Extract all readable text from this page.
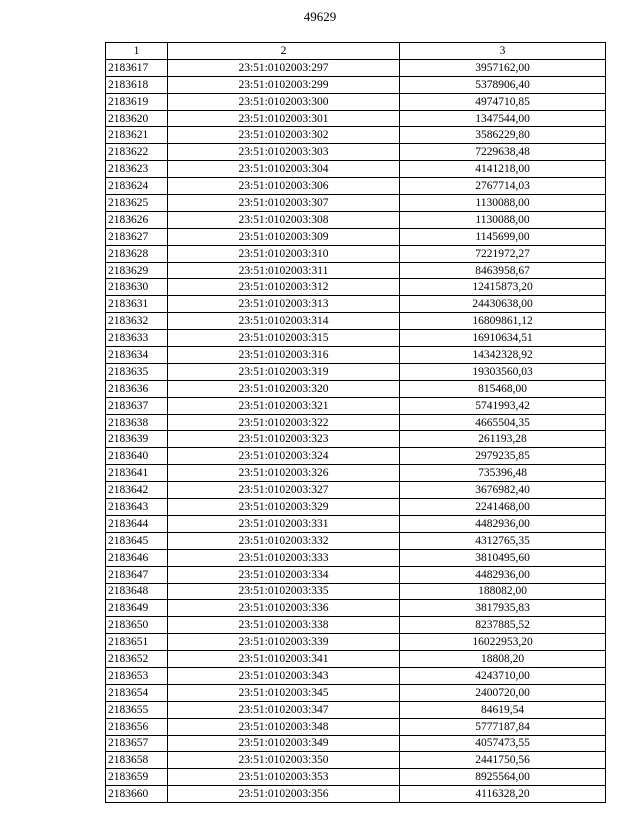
49629
1	2	3
2183617	23:51:0102003:297	3957162,00
2183618	23:51:0102003:299	5378906,40
2183619	23:51:0102003:300	4974710,85
2183620	23:51:0102003:301	1347544,00
2183621	23:51:0102003:302	3586229,80
2183622	23:51:0102003:303	7229638,48
2183623	23:51:0102003:304	4141218,00
2183624	23:51:0102003:306	2767714,03
2183625	23:51:0102003:307	1130088,00
2183626	23:51:0102003:308	1130088,00
2183627	23:51:0102003:309	1145699,00
2183628	23:51:0102003:310	7221972,27
2183629	23:51:0102003:311	8463958,67
2183630	23:51:0102003:312	12415873,20
2183631	23:51:0102003:313	24430638,00
2183632	23:51:0102003:314	16809861,12
2183633	23:51:0102003:315	16910634,51
2183634	23:51:0102003:316	14342328,92
2183635	23:51:0102003:319	19303560,03
2183636	23:51:0102003:320	815468,00
2183637	23:51:0102003:321	5741993,42
2183638	23:51:0102003:322	4665504,35
2183639	23:51:0102003:323	261193,28
2183640	23:51:0102003:324	2979235,85
2183641	23:51:0102003:326	735396,48
2183642	23:51:0102003:327	3676982,40
2183643	23:51:0102003:329	2241468,00
2183644	23:51:0102003:331	4482936,00
2183645	23:51:0102003:332	4312765,35
2183646	23:51:0102003:333	3810495,60
2183647	23:51:0102003:334	4482936,00
2183648	23:51:0102003:335	188082,00
2183649	23:51:0102003:336	3817935,83
2183650	23:51:0102003:338	8237885,52
2183651	23:51:0102003:339	16022953,20
2183652	23:51:0102003:341	18808,20
2183653	23:51:0102003:343	4243710,00
2183654	23:51:0102003:345	2400720,00
2183655	23:51:0102003:347	84619,54
2183656	23:51:0102003:348	5777187,84
2183657	23:51:0102003:349	4057473,55
2183658	23:51:0102003:350	2441750,56
2183659	23:51:0102003:353	8925564,00
2183660	23:51:0102003:356	4116328,20
